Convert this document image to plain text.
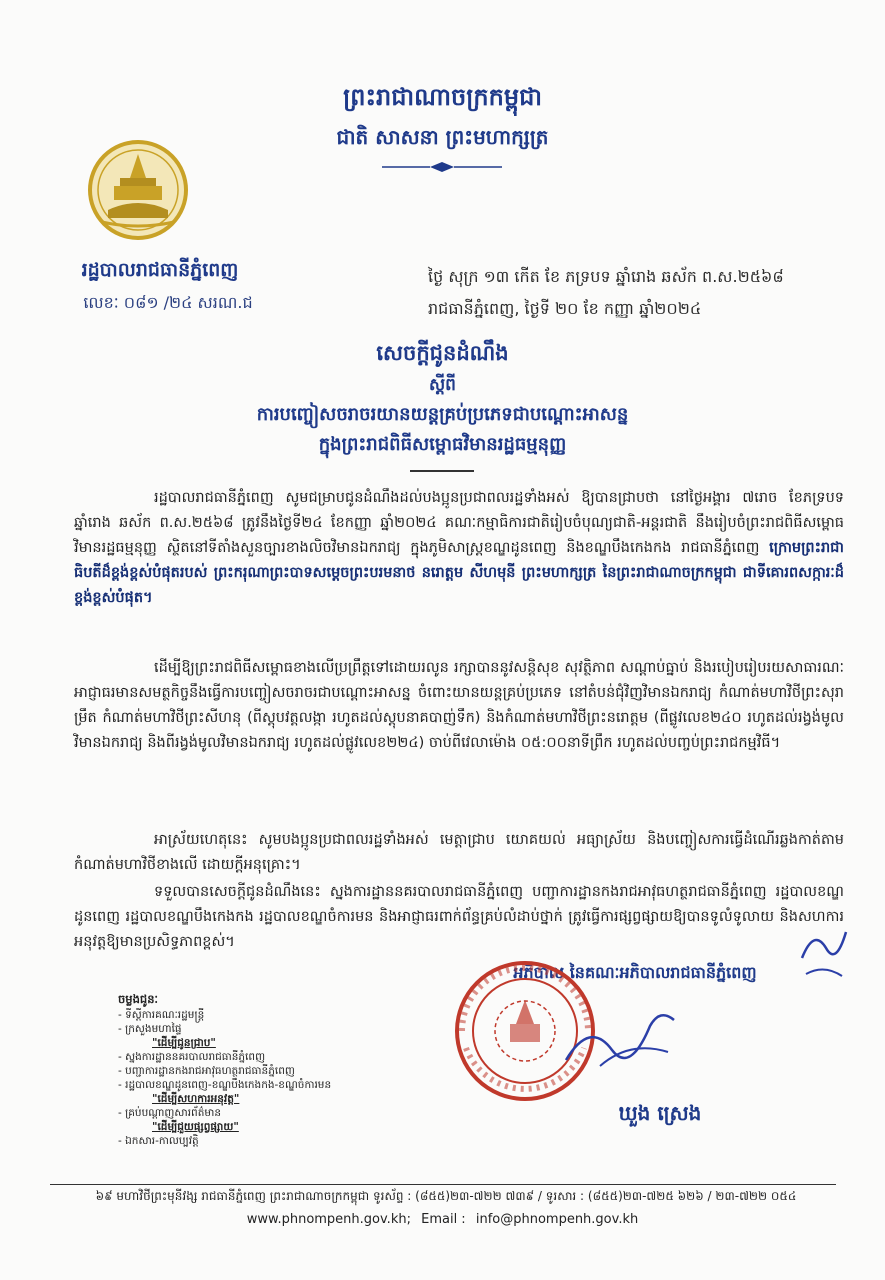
ព្រះរាជាណាចក្រកម្ពុជា
ជាតិ សាសនា ព្រះមហាក្សត្រ
រដ្ឋបាលរាជធានីភ្នំពេញ
លេខៈ ០៨១ /២៤ សរណ.ជ
ថ្ងៃ សុក្រ ១៣ កើត ខែ ភទ្របទ ឆ្នាំរោង ឆស័ក ព.ស.២៥៦៨
រាជធានីភ្នំពេញ, ថ្ងៃទី ២០ ខែ កញ្ញា ឆ្នាំ២០២៤
សេចក្តីជូនដំណឹង
ស្តីពី
ការបញ្ចៀសចរាចរយានយន្តគ្រប់ប្រភេទជាបណ្តោះអាសន្ន
ក្នុងព្រះរាជពិធីសម្ពោធវិមានរដ្ឋធម្មនុញ្ញ
រដ្ឋបាលរាជធានីភ្នំពេញ សូមជម្រាបជូនដំណឹងដល់បងប្អូនប្រជាពលរដ្ឋទាំងអស់ ឱ្យបានជ្រាបថា នៅថ្ងៃអង្គារ ៧រោច ខែភទ្របទ ឆ្នាំរោង ឆស័ក ព.ស.២៥៦៨ ត្រូវនឹងថ្ងៃទី២៤ ខែកញ្ញា ឆ្នាំ២០២៤ គណៈកម្មាធិការជាតិរៀបចំបុណ្យជាតិ-អន្តរជាតិ នឹងរៀបចំព្រះរាជពិធីសម្ពោធវិមានរដ្ឋធម្មនុញ្ញ ស្ថិតនៅទីតាំងសួនច្បារខាងលិចវិមានឯករាជ្យ ក្នុងភូមិសាស្រ្តខណ្ឌដូនពេញ និងខណ្ឌបឹងកេងកង រាជធានីភ្នំពេញ ក្រោមព្រះរាជាធិបតីដ៏ខ្ពង់ខ្ពស់បំផុតរបស់ ព្រះករុណាព្រះបាទសម្តេចព្រះបរមនាថ នរោត្តម សីហមុនី ព្រះមហាក្សត្រ នៃព្រះរាជាណាចក្រកម្ពុជា ជាទីគោរពសក្ការៈដ៏ខ្ពង់ខ្ពស់បំផុត។
ដើម្បីឱ្យព្រះរាជពិធីសម្ពោធខាងលើប្រព្រឹត្តទៅដោយរលូន រក្សាបាននូវសន្តិសុខ សុវត្ថិភាព សណ្តាប់ធ្នាប់ និងរបៀបរៀបរយសាធារណៈ អាជ្ញាធរមានសមត្ថកិច្ចនឹងធ្វើការបញ្ចៀសចរាចរជាបណ្តោះអាសន្ន ចំពោះយានយន្តគ្រប់ប្រភេទ នៅតំបន់ជុំវិញវិមានឯករាជ្យ កំណាត់មហាវិថីព្រះសុរាម្រឹត កំណាត់មហាវិថីព្រះសីហនុ (ពីស្តុបវត្តលង្កា រហូតដល់ស្តុបនាគបាញ់ទឹក) និងកំណាត់មហាវិថីព្រះនរោត្តម (ពីផ្លូវលេខ២៤០ រហូតដល់រង្វង់មូលវិមានឯករាជ្យ និងពីរង្វង់មូលវិមានឯករាជ្យ រហូតដល់ផ្លូវលេខ២២៤) ចាប់ពីវេលាម៉ោង ០៥:០០នាទីព្រឹក រហូតដល់បញ្ចប់ព្រះរាជកម្មវិធី។
អាស្រ័យហេតុនេះ សូមបងប្អូនប្រជាពលរដ្ឋទាំងអស់ មេត្តាជ្រាប យោគយល់ អធ្យាស្រ័យ និងបញ្ចៀសការធ្វើដំណើរឆ្លងកាត់តាមកំណាត់មហាវិថីខាងលើ ដោយក្តីអនុគ្រោះ។
ទទួលបានសេចក្តីជូនដំណឹងនេះ ស្នងការដ្ឋាននគរបាលរាជធានីភ្នំពេញ បញ្ជាការដ្ឋានកងរាជអាវុធហត្ថរាជធានីភ្នំពេញ រដ្ឋបាលខណ្ឌដូនពេញ រដ្ឋបាលខណ្ឌបឹងកេងកង រដ្ឋបាលខណ្ឌចំការមន និងអាជ្ញាធរពាក់ព័ន្ធគ្រប់លំដាប់ថ្នាក់ ត្រូវធ្វើការផ្សព្វផ្សាយឱ្យបានទូលំទូលាយ និងសហការអនុវត្តឱ្យមានប្រសិទ្ធភាពខ្ពស់។
អភិបាល នៃគណៈអភិបាលរាជធានីភ្នំពេញ
ឃួង ស្រេង
ចម្លងជូនៈ
- ទីស្តីការគណៈរដ្ឋមន្ត្រី
- ក្រសួងមហាផ្ទៃ
"ដើម្បីជូនជ្រាប"
- ស្នងការដ្ឋាននគរបាលរាជធានីភ្នំពេញ
- បញ្ជាការដ្ឋានកងរាជអាវុធហត្ថរាជធានីភ្នំពេញ
- រដ្ឋបាលខណ្ឌដូនពេញ-ខណ្ឌបឹងកេងកង-ខណ្ឌចំការមន
"ដើម្បីសហការអនុវត្ត"
- គ្រប់បណ្តាញសារព័ត៌មាន
"ដើម្បីជួយផ្សព្វផ្សាយ"
- ឯកសារ-កាលប្បវត្តិ
៦៩ មហាវិថីព្រះមុនីវង្ស រាជធានីភ្នំពេញ ព្រះរាជាណាចក្រកម្ពុជា ទូរស័ព្ទ : (៨៥៥)២៣-៧២២ ៧៣៩ / ទូរសារ : (៨៥៥)២៣-៧២៥ ៦២៦ / ២៣-៧២២ ០៥៤
www.phnompenh.gov.kh; Email : info@phnompenh.gov.kh
